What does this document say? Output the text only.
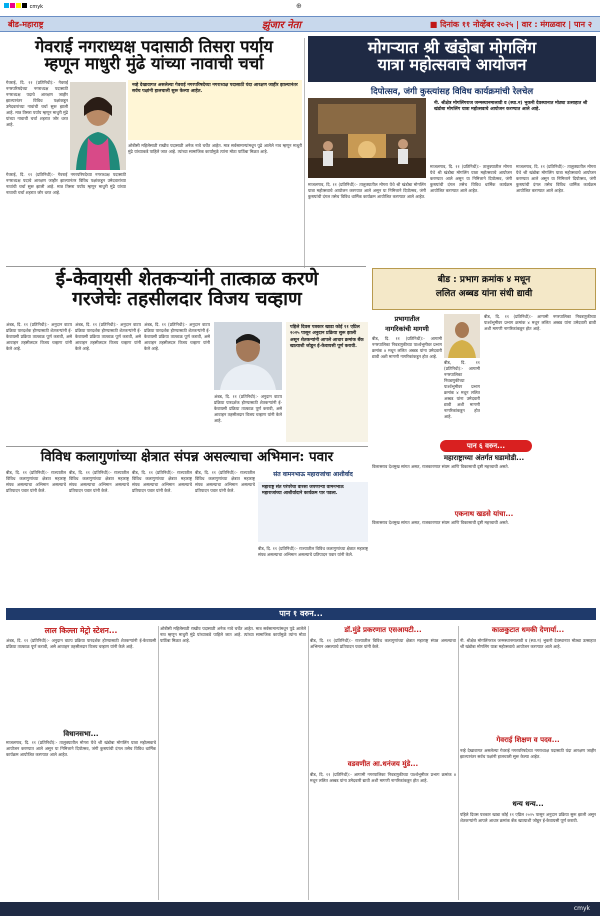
cmyk	⊕
बीड-महाराष्ट्र	झुंजार नेता	■ दिनांक ११ नोव्हेंबर २०२५ | वार : मंगळवार | पान २
गेवराई नगराध्यक्ष पदासाठी तिसरा पर्याय
म्हणून माधुरी मुंढे यांच्या नावाची चर्चा
गेवराई, दि. ११ (प्रतिनिधी):- गेवराई नगरपरिषदेच्या नगराध्यक्ष पदासाठी नगराध्यक्ष पदाचे आरक्षण जाहीर झाल्यानंतर विविध पक्षांकडून उमेदवारांच्या नावांची चर्चा सुरू झाली आहे. मात्र तिसरा पर्याय म्हणून माधुरी मुंढे यांच्या नावाची चर्चा शहरात जोर धरत आहे.
नव्हे देखावागत असलेल्या गेवराई नगरपरिषदेच्या नगराध्यक्ष पदासाठी यंदा आरक्षण जाहीर झाल्यानंतर सर्वच पक्षांनी हालचाली सुरू केल्या आहेत.
ओबीसी महिलेसाठी राखीव पदासाठी अनेक नावे चर्चेत आहेत. मात्र सर्वसामान्यांमधून पुढे आलेले नाव म्हणून माधुरी मुंढे यांच्याकडे पाहिले जात आहे. त्यांच्या सामाजिक कार्यामुळे त्यांना मोठा पाठिंबा मिळत आहे.
गेवराई, दि. ११ (प्रतिनिधी):- गेवराई नगरपरिषदेच्या नगराध्यक्ष पदासाठी नगराध्यक्ष पदाचे आरक्षण जाहीर झाल्यानंतर विविध पक्षांकडून उमेदवारांच्या नावांची चर्चा सुरू झाली आहे. मात्र तिसरा पर्याय म्हणून माधुरी मुंढे यांच्या नावाची चर्चा शहरात जोर धरत आहे.
मोगऱ्यात श्री खंडोबा मोगलिंग
यात्रा महोत्सवाचे आयोजन
दिपोत्सव, जंगी कुस्त्यांसह विविध कार्यक्रमांची रेलचेल
नी. श्रीक्षेत्र मोगलिंगराज जन्मस्थानमालावी व (स्था.न) भुकनी देवस्थानात मोठ्या उत्साहात श्री खंडोबा मोगलिंग यात्रा महोत्सवाचे आयोजन करण्यात आले आहे.
माजलगाव, दि. ११ (प्रतिनिधी):- तालुक्यातील मोगरा येथे श्री खंडोबा मोगलिंग यात्रा महोत्सवाचे आयोजन करण्यात आले असून या निमित्ताने दिपोत्सव, जंगी कुस्त्यांची दंगल तसेच विविध धार्मिक कार्यक्रम आयोजित करण्यात आले आहेत.
माजलगाव, दि. ११ (प्रतिनिधी):- तालुक्यातील मोगरा येथे श्री खंडोबा मोगलिंग यात्रा महोत्सवाचे आयोजन करण्यात आले असून या निमित्ताने दिपोत्सव, जंगी कुस्त्यांची दंगल तसेच विविध धार्मिक कार्यक्रम आयोजित करण्यात आले आहेत.
माजलगाव, दि. ११ (प्रतिनिधी):- तालुक्यातील मोगरा येथे श्री खंडोबा मोगलिंग यात्रा महोत्सवाचे आयोजन करण्यात आले असून या निमित्ताने दिपोत्सव, जंगी कुस्त्यांची दंगल तसेच विविध धार्मिक कार्यक्रम आयोजित करण्यात आले आहेत.
ई-केवायसी शेतकऱ्यांनी तात्काळ करणे
गरजेचेः तहसीलदार विजय चव्हाण
अंबड, दि. ११ (प्रतिनिधी):- अनुदान वाटप प्रक्रिया पारदर्शक होण्यासाठी शेतकऱ्यांनी ई-केवायसी प्रक्रिया तात्काळ पूर्ण करावी, असे आवाहन तहसीलदार विजय चव्हाण यांनी केले आहे.
अंबड, दि. ११ (प्रतिनिधी):- अनुदान वाटप प्रक्रिया पारदर्शक होण्यासाठी शेतकऱ्यांनी ई-केवायसी प्रक्रिया तात्काळ पूर्ण करावी, असे आवाहन तहसीलदार विजय चव्हाण यांनी केले आहे.
अंबड, दि. ११ (प्रतिनिधी):- अनुदान वाटप प्रक्रिया पारदर्शक होण्यासाठी शेतकऱ्यांनी ई-केवायसी प्रक्रिया तात्काळ पूर्ण करावी, असे आवाहन तहसीलदार विजय चव्हाण यांनी केले आहे.
अंबड, दि. ११ (प्रतिनिधी):- अनुदान वाटप प्रक्रिया पारदर्शक होण्यासाठी शेतकऱ्यांनी ई-केवायसी प्रक्रिया तात्काळ पूर्ण करावी, असे आवाहन तहसीलदार विजय चव्हाण यांनी केले आहे.
पहिले दिवस पत्रकार खाडा कोई ११ एप्रिल २०२५ पासून अनुदान प्रक्रिया सुरू झाली असून शेतकऱ्यांनी आपले आधार क्रमांक बँक खात्याशी जोडून ई-केवायसी पूर्ण करावी.
बीड : प्रभाग क्रमांक ४ मधून
ललित अब्बड यांना संधी द्यावी
प्रभागातील
नागरिकांची मागणी
बीड, दि. ११ (प्रतिनिधी):- आगामी नगरपालिका निवडणुकीच्या पार्श्वभूमीवर प्रभाग क्रमांक ४ मधून ललित अब्बड यांना उमेदवारी द्यावी अशी मागणी नागरिकांकडून होत आहे.
बीड, दि. ११ (प्रतिनिधी):- आगामी नगरपालिका निवडणुकीच्या पार्श्वभूमीवर प्रभाग क्रमांक ४ मधून ललित अब्बड यांना उमेदवारी द्यावी अशी मागणी नागरिकांकडून होत आहे.
बीड, दि. ११ (प्रतिनिधी):- आगामी नगरपालिका निवडणुकीच्या पार्श्वभूमीवर प्रभाग क्रमांक ४ मधून ललित अब्बड यांना उमेदवारी द्यावी अशी मागणी नागरिकांकडून होत आहे.
पान ६ वरुन...
महाराष्ट्राच्या अंतर्गत घडामोडी...
विलासराव देशमुख सांगत असत, राजकारणात संयम आणि विकासाची दृष्टी महत्त्वाची असते.
एकनाथ खडसे यांचा...
विलासराव देशमुख सांगत असत, राजकारणात संयम आणि विकासाची दृष्टी महत्त्वाची असते.
विविध कलागुणांच्या क्षेत्रात संपन्न असल्याचा अभिमान: पवार
बीड, दि. ११ (प्रतिनिधी):- राज्यातील विविध कलागुणांच्या क्षेत्रात महाराष्ट्र संपन्न असल्याचा अभिमान असल्याचे प्रतिपादन पवार यांनी केले.
बीड, दि. ११ (प्रतिनिधी):- राज्यातील विविध कलागुणांच्या क्षेत्रात महाराष्ट्र संपन्न असल्याचा अभिमान असल्याचे प्रतिपादन पवार यांनी केले.
बीड, दि. ११ (प्रतिनिधी):- राज्यातील विविध कलागुणांच्या क्षेत्रात महाराष्ट्र संपन्न असल्याचा अभिमान असल्याचे प्रतिपादन पवार यांनी केले.
बीड, दि. ११ (प्रतिनिधी):- राज्यातील विविध कलागुणांच्या क्षेत्रात महाराष्ट्र संपन्न असल्याचा अभिमान असल्याचे प्रतिपादन पवार यांनी केले.
संत वामनभाऊ महाराजांचा आशीर्वाद
महाराष्ट्र संत परंपरेचा वारसा जपणाऱ्या वामनभाऊ महाराजांच्या आशीर्वादाने कार्यक्रम पार पडला.
बीड, दि. ११ (प्रतिनिधी):- राज्यातील विविध कलागुणांच्या क्षेत्रात महाराष्ट्र संपन्न असल्याचा अभिमान असल्याचे प्रतिपादन पवार यांनी केले.
पान १ वरुन...
लाल किल्ला मेट्रो स्टेशन...
अंबड, दि. ११ (प्रतिनिधी):- अनुदान वाटप प्रक्रिया पारदर्शक होण्यासाठी शेतकऱ्यांनी ई-केवायसी प्रक्रिया तात्काळ पूर्ण करावी, असे आवाहन तहसीलदार विजय चव्हाण यांनी केले आहे.
विधानसभा...
माजलगाव, दि. ११ (प्रतिनिधी):- तालुक्यातील मोगरा येथे श्री खंडोबा मोगलिंग यात्रा महोत्सवाचे आयोजन करण्यात आले असून या निमित्ताने दिपोत्सव, जंगी कुस्त्यांची दंगल तसेच विविध धार्मिक कार्यक्रम आयोजित करण्यात आले आहेत.
ओबीसी महिलेसाठी राखीव पदासाठी अनेक नावे चर्चेत आहेत. मात्र सर्वसामान्यांमधून पुढे आलेले नाव म्हणून माधुरी मुंढे यांच्याकडे पाहिले जात आहे. त्यांच्या सामाजिक कार्यामुळे त्यांना मोठा पाठिंबा मिळत आहे.
डॉ.मुंडे प्रकरणात एसआयटी...
बीड, दि. ११ (प्रतिनिधी):- राज्यातील विविध कलागुणांच्या क्षेत्रात महाराष्ट्र संपन्न असल्याचा अभिमान असल्याचे प्रतिपादन पवार यांनी केले.
वडवणीत आ.धनंजय मुंडे...
बीड, दि. ११ (प्रतिनिधी):- आगामी नगरपालिका निवडणुकीच्या पार्श्वभूमीवर प्रभाग क्रमांक ४ मधून ललित अब्बड यांना उमेदवारी द्यावी अशी मागणी नागरिकांकडून होत आहे.
काळकुटात धमकी देणार्या...
नी. श्रीक्षेत्र मोगलिंगराज जन्मस्थानमालावी व (स्था.न) भुकनी देवस्थानात मोठ्या उत्साहात श्री खंडोबा मोगलिंग यात्रा महोत्सवाचे आयोजन करण्यात आले आहे.
गेवराई शिक्षण व पदव...
नव्हे देखावागत असलेल्या गेवराई नगरपरिषदेच्या नगराध्यक्ष पदासाठी यंदा आरक्षण जाहीर झाल्यानंतर सर्वच पक्षांनी हालचाली सुरू केल्या आहेत.
धन्य धन्य...
पहिले दिवस पत्रकार खाडा कोई ११ एप्रिल २०२५ पासून अनुदान प्रक्रिया सुरू झाली असून शेतकऱ्यांनी आपले आधार क्रमांक बँक खात्याशी जोडून ई-केवायसी पूर्ण करावी.
cmyk
